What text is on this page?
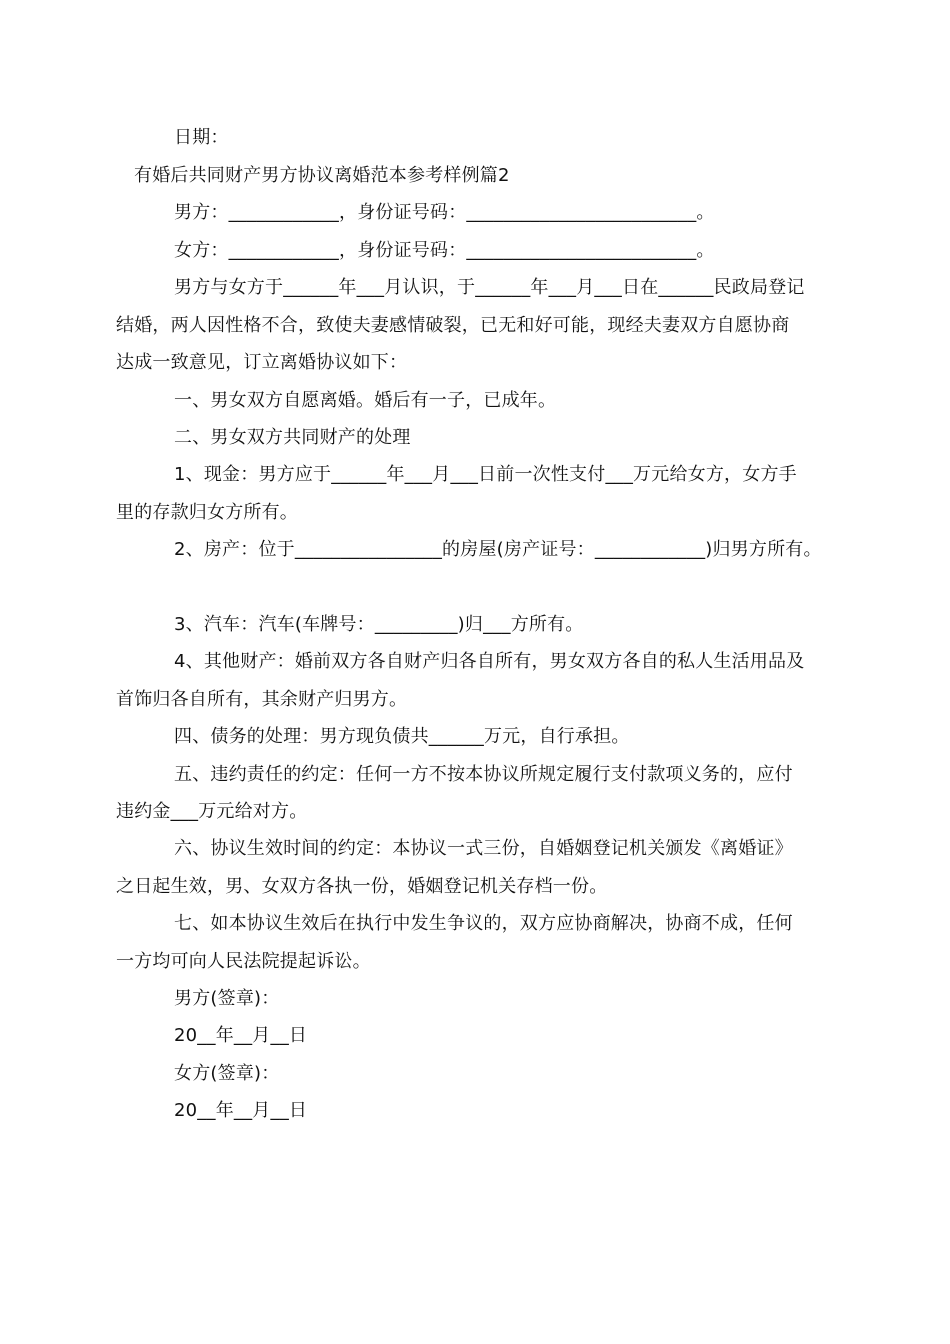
日期：
有婚后共同财产男方协议离婚范本参考样例篇2
男方：____________，身份证号码：_________________________。
女方：____________，身份证号码：_________________________。
男方与女方于______年___月认识，于______年___月___日在______民政局登记
结婚，两人因性格不合，致使夫妻感情破裂，已无和好可能，现经夫妻双方自愿协商
达成一致意见，订立离婚协议如下：
一、男女双方自愿离婚。婚后有一子，已成年。
二、男女双方共同财产的处理
1、现金：男方应于______年___月___日前一次性支付___万元给女方，女方手
里的存款归女方所有。
2、房产：位于________________的房屋(房产证号：____________)归男方所有。
3、汽车：汽车(车牌号：_________)归___方所有。
4、其他财产：婚前双方各自财产归各自所有，男女双方各自的私人生活用品及
首饰归各自所有，其余财产归男方。
四、债务的处理：男方现负债共______万元，自行承担。
五、违约责任的约定：任何一方不按本协议所规定履行支付款项义务的，应付
违约金___万元给对方。
六、协议生效时间的约定：本协议一式三份，自婚姻登记机关颁发《离婚证》
之日起生效，男、女双方各执一份，婚姻登记机关存档一份。
七、如本协议生效后在执行中发生争议的，双方应协商解决，协商不成，任何
一方均可向人民法院提起诉讼。
男方(签章)：
20__年__月__日
女方(签章)：
20__年__月__日
